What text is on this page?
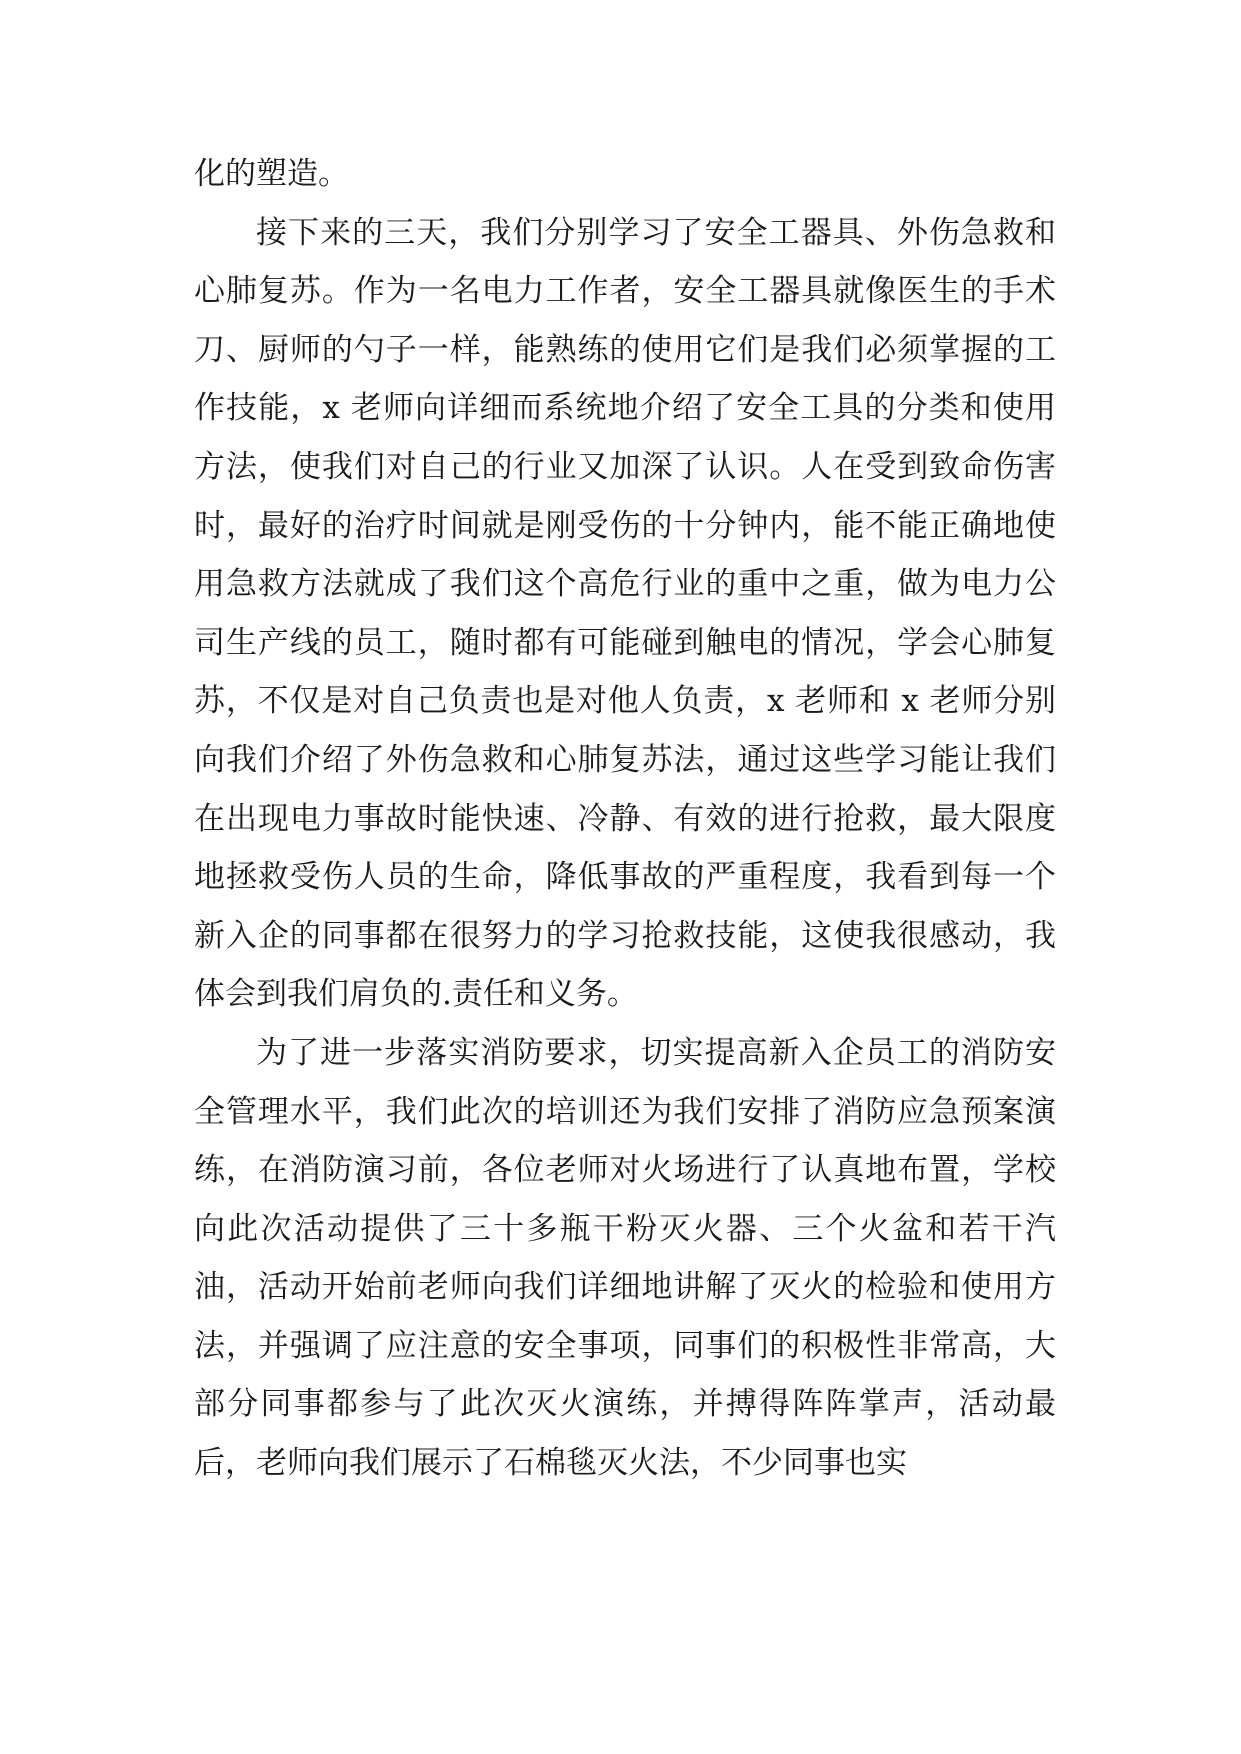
化的塑造。

接下来的三天，我们分别学习了安全工器具、外伤急救和心肺复苏。作为一名电力工作者，安全工器具就像医生的手术刀、厨师的勺子一样，能熟练的使用它们是我们必须掌握的工作技能，x 老师向详细而系统地介绍了安全工具的分类和使用方法，使我们对自己的行业又加深了认识。人在受到致命伤害时，最好的治疗时间就是刚受伤的十分钟内，能不能正确地使用急救方法就成了我们这个高危行业的重中之重，做为电力公司生产线的员工，随时都有可能碰到触电的情况，学会心肺复苏，不仅是对自己负责也是对他人负责，x 老师和 x 老师分别向我们介绍了外伤急救和心肺复苏法，通过这些学习能让我们在出现电力事故时能快速、冷静、有效的进行抢救，最大限度地拯救受伤人员的生命，降低事故的严重程度，我看到每一个新入企的同事都在很努力的学习抢救技能，这使我很感动，我体会到我们肩负的.责任和义务。

为了进一步落实消防要求，切实提高新入企员工的消防安全管理水平，我们此次的培训还为我们安排了消防应急预案演练，在消防演习前，各位老师对火场进行了认真地布置，学校向此次活动提供了三十多瓶干粉灭火器、三个火盆和若干汽油，活动开始前老师向我们详细地讲解了灭火的检验和使用方法，并强调了应注意的安全事项，同事们的积极性非常高，大部分同事都参与了此次灭火演练，并搏得阵阵掌声，活动最后，老师向我们展示了石棉毯灭火法，不少同事也实
